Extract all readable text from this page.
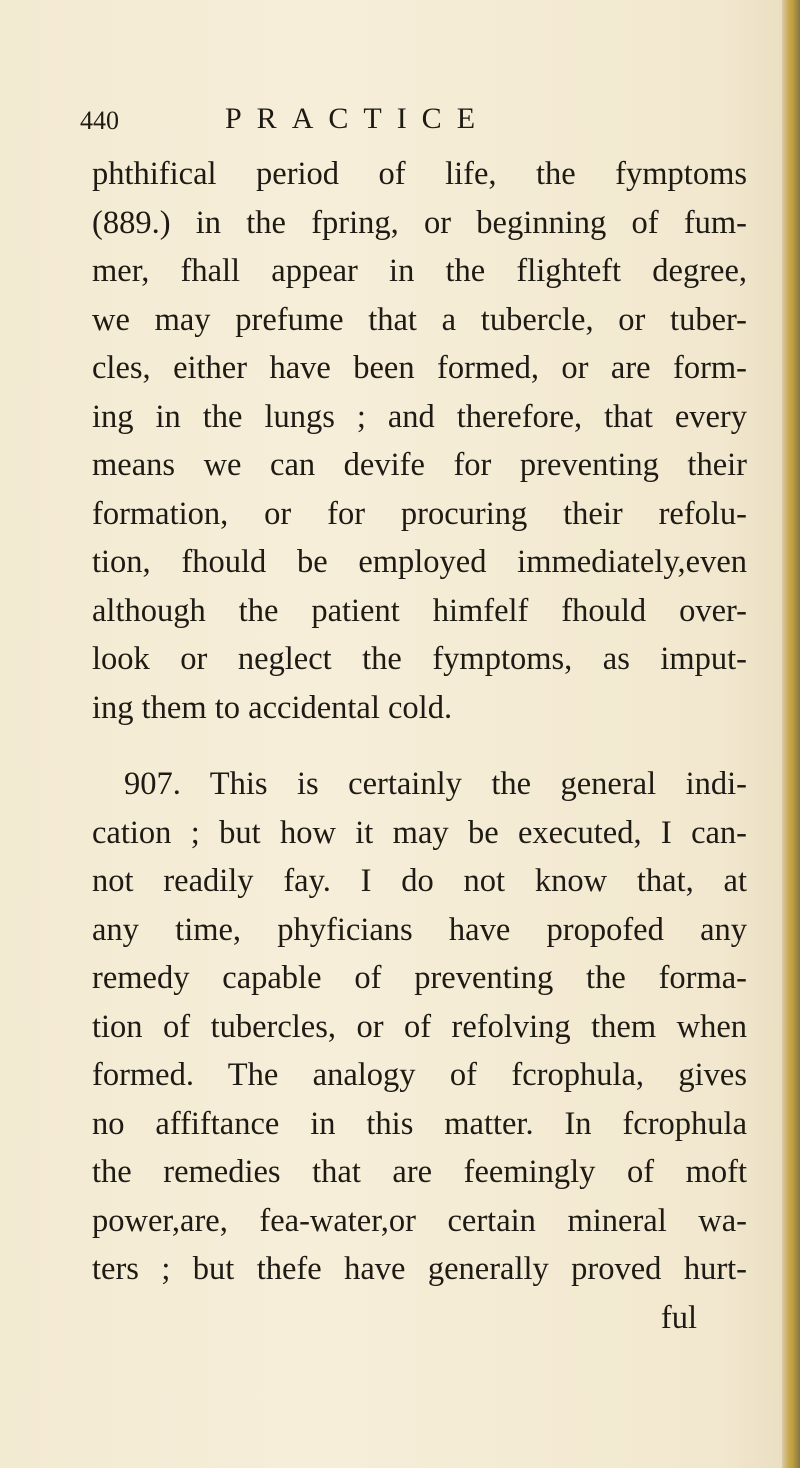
440	PRACTICE
phthifical period of life, the fymptoms
(889.) in the fpring, or beginning of fum-
mer, fhall appear in the flighteft degree,
we may prefume that a tubercle, or tuber-
cles, either have been formed, or are form-
ing in the lungs ; and therefore, that every
means we can devife for preventing their
formation, or for procuring their refolu-
tion, fhould be employed immediately,even
although the patient himfelf fhould over-
look or neglect the fymptoms, as imput-
ing them to accidental cold.
907. This is certainly the general indi-
cation ; but how it may be executed, I can-
not readily fay. I do not know that, at
any time, phyficians have propofed any
remedy capable of preventing the forma-
tion of tubercles, or of refolving them when
formed. The analogy of fcrophula, gives
no affiftance in this matter. In fcrophula
the remedies that are feemingly of moft
power,are, fea-water,or certain mineral wa-
ters ; but thefe have generally proved hurt-
ful
